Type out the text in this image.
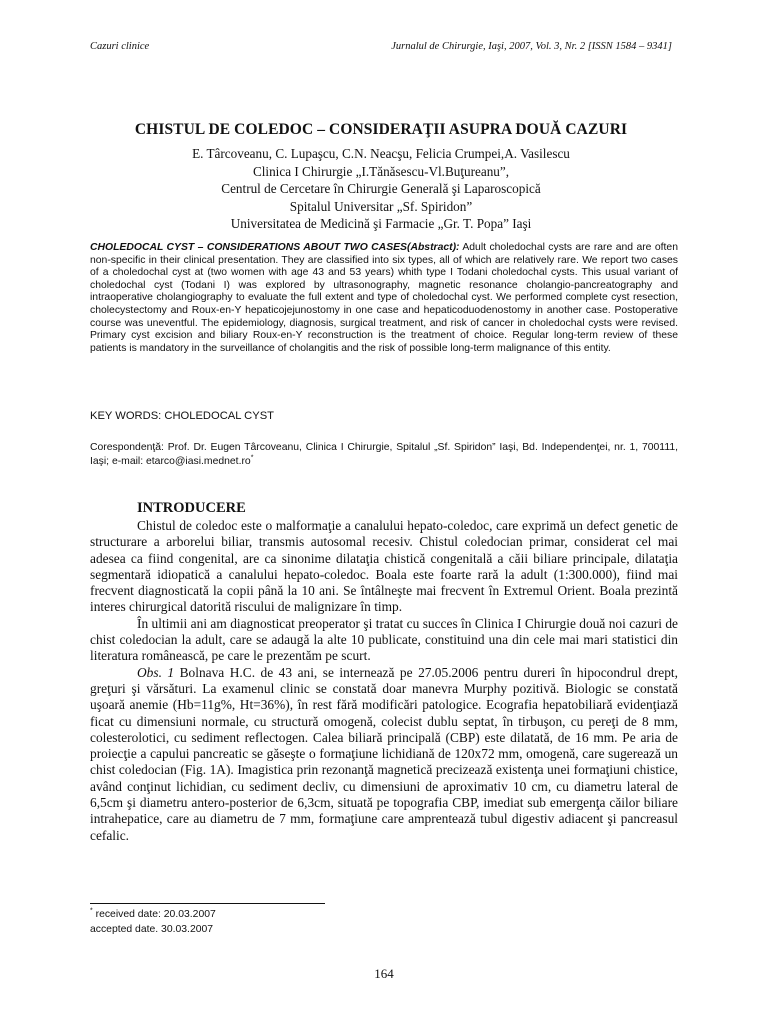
Cazuri clinice	Jurnalul de Chirurgie, Iaşi, 2007, Vol. 3, Nr. 2 [ISSN 1584 – 9341]
CHISTUL DE COLEDOC – CONSIDERAŢII ASUPRA DOUĂ CAZURI
E. Târcoveanu, C. Lupaşcu, C.N. Neacşu, Felicia Crumpei,A. Vasilescu
Clinica I Chirurgie „I.Tănăsescu-Vl.Buţureanu”,
Centrul de Cercetare în Chirurgie Generală şi Laparoscopică
Spitalul Universitar „Sf. Spiridon”
Universitatea de Medicină şi Farmacie „Gr. T. Popa” Iaşi
CHOLEDOCAL CYST – CONSIDERATIONS ABOUT TWO CASES(Abstract): Adult choledochal cysts are rare and are often non-specific in their clinical presentation. They are classified into six types, all of which are relatively rare. We report two cases of a choledochal cyst at (two women with age 43 and 53 years) whith type I Todani choledochal cysts. This usual variant of choledochal cyst (Todani I) was explored by ultrasonography, magnetic resonance cholangio-pancreatography and intraoperative cholangiography to evaluate the full extent and type of choledochal cyst. We performed complete cyst resection, cholecystectomy and Roux-en-Y hepaticojejunostomy in one case and hepaticoduodenostomy in another case. Postoperative course was uneventful. The epidemiology, diagnosis, surgical treatment, and risk of cancer in choledochal cysts were revised. Primary cyst excision and biliary Roux-en-Y reconstruction is the treatment of choice. Regular long-term review of these patients is mandatory in the surveillance of cholangitis and the risk of possible long-term malignance of this entity.
KEY WORDS: CHOLEDOCAL CYST
Corespondenţă: Prof. Dr. Eugen Târcoveanu, Clinica I Chirurgie, Spitalul „Sf. Spiridon” Iaşi, Bd. Independenţei, nr. 1, 700111, Iaşi; e-mail: etarco@iasi.mednet.ro*
INTRODUCERE

Chistul de coledoc este o malformaţie a canalului hepato-coledoc, care exprimă un defect genetic de structurare a arborelui biliar, transmis autosomal recesiv. Chistul coledocian primar, considerat cel mai adesea ca fiind congenital, are ca sinonime dilataţia chistică congenitală a căii biliare principale, dilataţia segmentară idiopatică a canalului hepato-coledoc. Boala este foarte rară la adult (1:300.000), fiind mai frecvent diagnosticată la copii până la 10 ani. Se întâlneşte mai frecvent în Extremul Orient. Boala prezintă interes chirurgical datorită riscului de malignizare în timp.

În ultimii ani am diagnosticat preoperator şi tratat cu succes în Clinica I Chirurgie două noi cazuri de chist coledocian la adult, care se adaugă la alte 10 publicate, constituind una din cele mai mari statistici din literatura românească, pe care le prezentăm pe scurt.

Obs. 1 Bolnava H.C. de 43 ani, se internează pe 27.05.2006 pentru dureri în hipocondrul drept, greţuri şi vărsături. La examenul clinic se constată doar manevra Murphy pozitivă. Biologic se constată uşoară anemie (Hb=11g%, Ht=36%), în rest fără modificări patologice. Ecografia hepatobiliară evidenţiază ficat cu dimensiuni normale, cu structură omogenă, colecist dublu septat, în tirbuşon, cu pereţi de 8 mm, colesterolotici, cu sediment reflectogen. Calea biliară principală (CBP) este dilatată, de 16 mm. Pe aria de proiecţie a capului pancreatic se găseşte o formaţiune lichidiană de 120x72 mm, omogenă, care sugerează un chist coledocian (Fig. 1A). Imagistica prin rezonanţă magnetică precizează existenţa unei formaţiuni chistice, având conţinut lichidian, cu sediment decliv, cu dimensiuni de aproximativ 10 cm, cu diametru lateral de 6,5cm şi diametru antero-posterior de 6,3cm, situată pe topografia CBP, imediat sub emergenţa căilor biliare intrahepatice, care au diametru de 7 mm, formaţiune care amprentează tubul digestiv adiacent şi pancreasul cefalic.

* received date: 20.03.2007
accepted date. 30.03.2007
164
